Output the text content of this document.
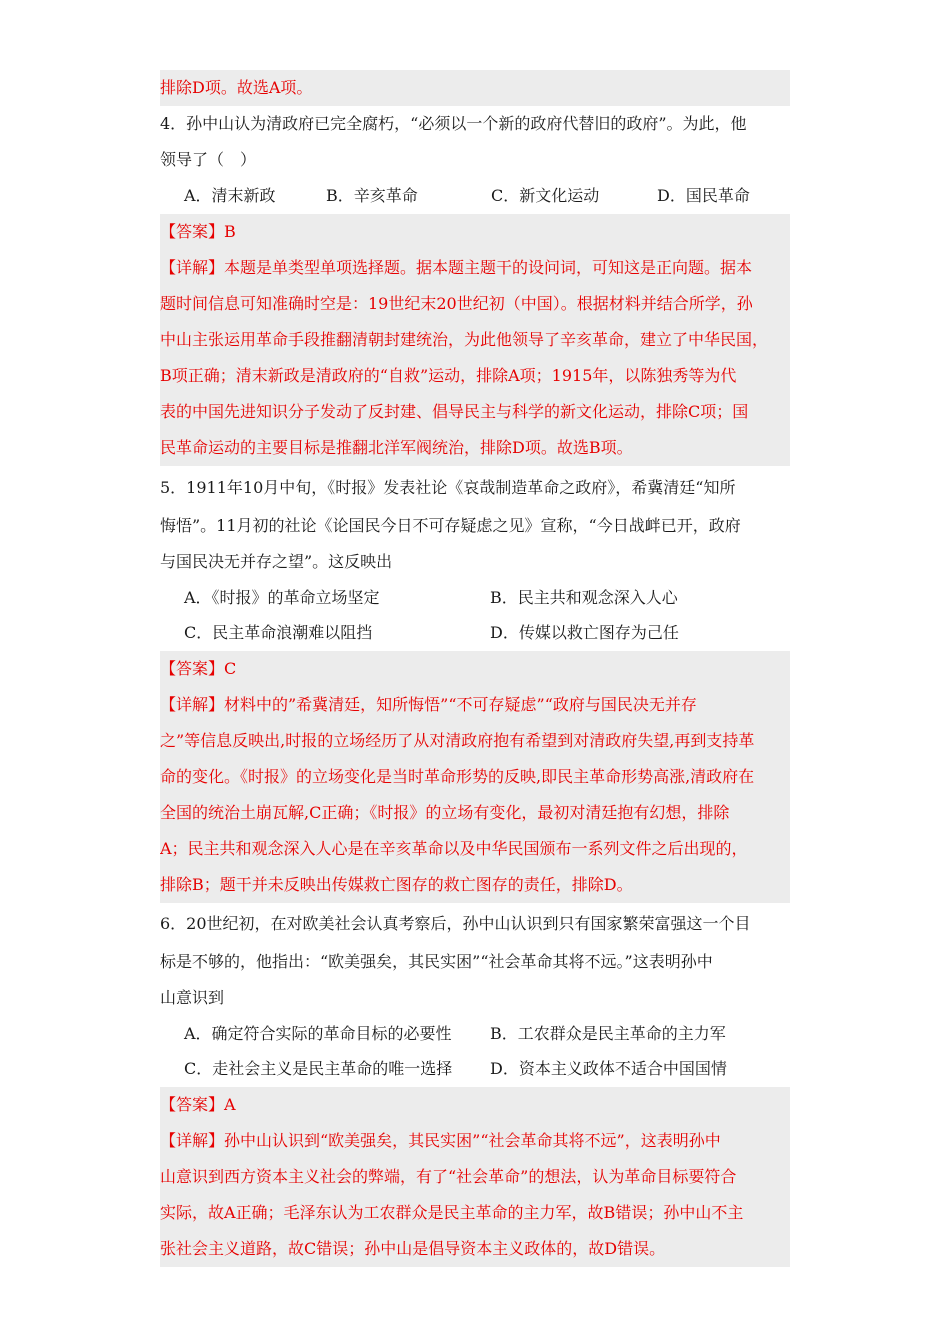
排除D项。故选A项。
4．孙中山认为清政府已完全腐朽，“必须以一个新的政府代替旧的政府”。为此，他
领导了（　）
A．清末新政	B．辛亥革命	C．新文化运动	D．国民革命
【答案】B
【详解】本题是单类型单项选择题。据本题主题干的设问词，可知这是正向题。据本
题时间信息可知准确时空是：19世纪末20世纪初（中国）。根据材料并结合所学，孙
中山主张运用革命手段推翻清朝封建统治，为此他领导了辛亥革命，建立了中华民国，
B项正确；清末新政是清政府的“自救”运动，排除A项；1915年，以陈独秀等为代
表的中国先进知识分子发动了反封建、倡导民主与科学的新文化运动，排除C项；国
民革命运动的主要目标是推翻北洋军阀统治，排除D项。故选B项。
5．1911年10月中旬，《时报》发表社论《哀哉制造革命之政府》，希冀清廷“知所
悔悟”。11月初的社论《论国民今日不可存疑虑之见》宣称，“今日战衅已开，政府
与国民决无并存之望”。这反映出
A．《时报》的革命立场坚定	B．民主共和观念深入人心
C．民主革命浪潮难以阻挡	D．传媒以救亡图存为己任
【答案】C
【详解】材料中的”希冀清廷，知所悔悟”“不可存疑虑”“政府与国民决无并存
之”等信息反映出,时报的立场经历了从对清政府抱有希望到对清政府失望,再到支持革
命的变化。《时报》的立场变化是当时革命形势的反映,即民主革命形势高涨,清政府在
全国的统治土崩瓦解,C正确；《时报》的立场有变化，最初对清廷抱有幻想，排除
A；民主共和观念深入人心是在辛亥革命以及中华民国颁布一系列文件之后出现的，
排除B；题干并未反映出传媒救亡图存的救亡图存的责任，排除D。
6．20世纪初，在对欧美社会认真考察后，孙中山认识到只有国家繁荣富强这一个目
标是不够的，他指出：“欧美强矣，其民实困”“社会革命其将不远。”这表明孙中
山意识到
A．确定符合实际的革命目标的必要性 B．工农群众是民主革命的主力军
C．走社会主义是民主革命的唯一选择 D．资本主义政体不适合中国国情
【答案】A
【详解】孙中山认识到“欧美强矣，其民实困”“社会革命其将不远”，这表明孙中
山意识到西方资本主义社会的弊端，有了“社会革命”的想法，认为革命目标要符合
实际，故A正确；毛泽东认为工农群众是民主革命的主力军，故B错误；孙中山不主
张社会主义道路，故C错误；孙中山是倡导资本主义政体的，故D错误。
